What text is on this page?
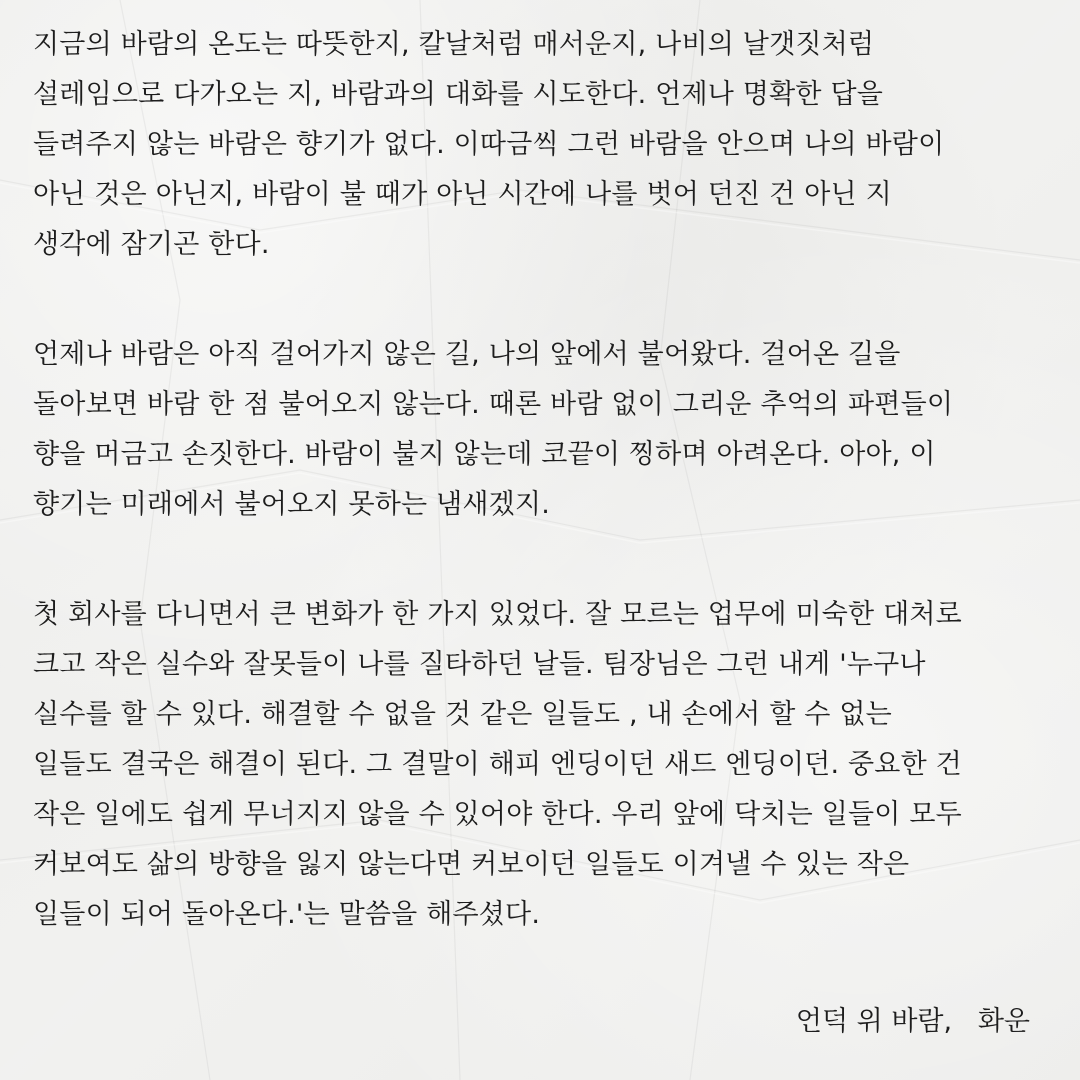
지금의 바람의 온도는 따뜻한지, 칼날처럼 매서운지, 나비의 날갯짓처럼
설레임으로 다가오는 지, 바람과의 대화를 시도한다. 언제나 명확한 답을
들려주지 않는 바람은 향기가 없다. 이따금씩 그런 바람을 안으며 나의 바람이
아닌 것은 아닌지, 바람이 불 때가 아닌 시간에 나를 벗어 던진 건 아닌 지
생각에 잠기곤 한다.
언제나 바람은 아직 걸어가지 않은 길, 나의 앞에서 불어왔다. 걸어온 길을
돌아보면 바람 한 점 불어오지 않는다. 때론 바람 없이 그리운 추억의 파편들이
향을 머금고 손짓한다. 바람이 불지 않는데 코끝이 찡하며 아려온다. 아아, 이
향기는 미래에서 불어오지 못하는 냄새겠지.
첫 회사를 다니면서 큰 변화가 한 가지 있었다. 잘 모르는 업무에 미숙한 대처로
크고 작은 실수와 잘못들이 나를 질타하던 날들. 팀장님은 그런 내게 '누구나
실수를 할 수 있다. 해결할 수 없을 것 같은 일들도 , 내 손에서 할 수 없는
일들도 결국은 해결이 된다. 그 결말이 해피 엔딩이던 새드 엔딩이던. 중요한 건
작은 일에도 쉽게 무너지지 않을 수 있어야 한다. 우리 앞에 닥치는 일들이 모두
커보여도 삶의 방향을 잃지 않는다면 커보이던 일들도 이겨낼 수 있는 작은
일들이 되어 돌아온다.'는 말씀을 해주셨다.
언덕 위 바람,   화운
